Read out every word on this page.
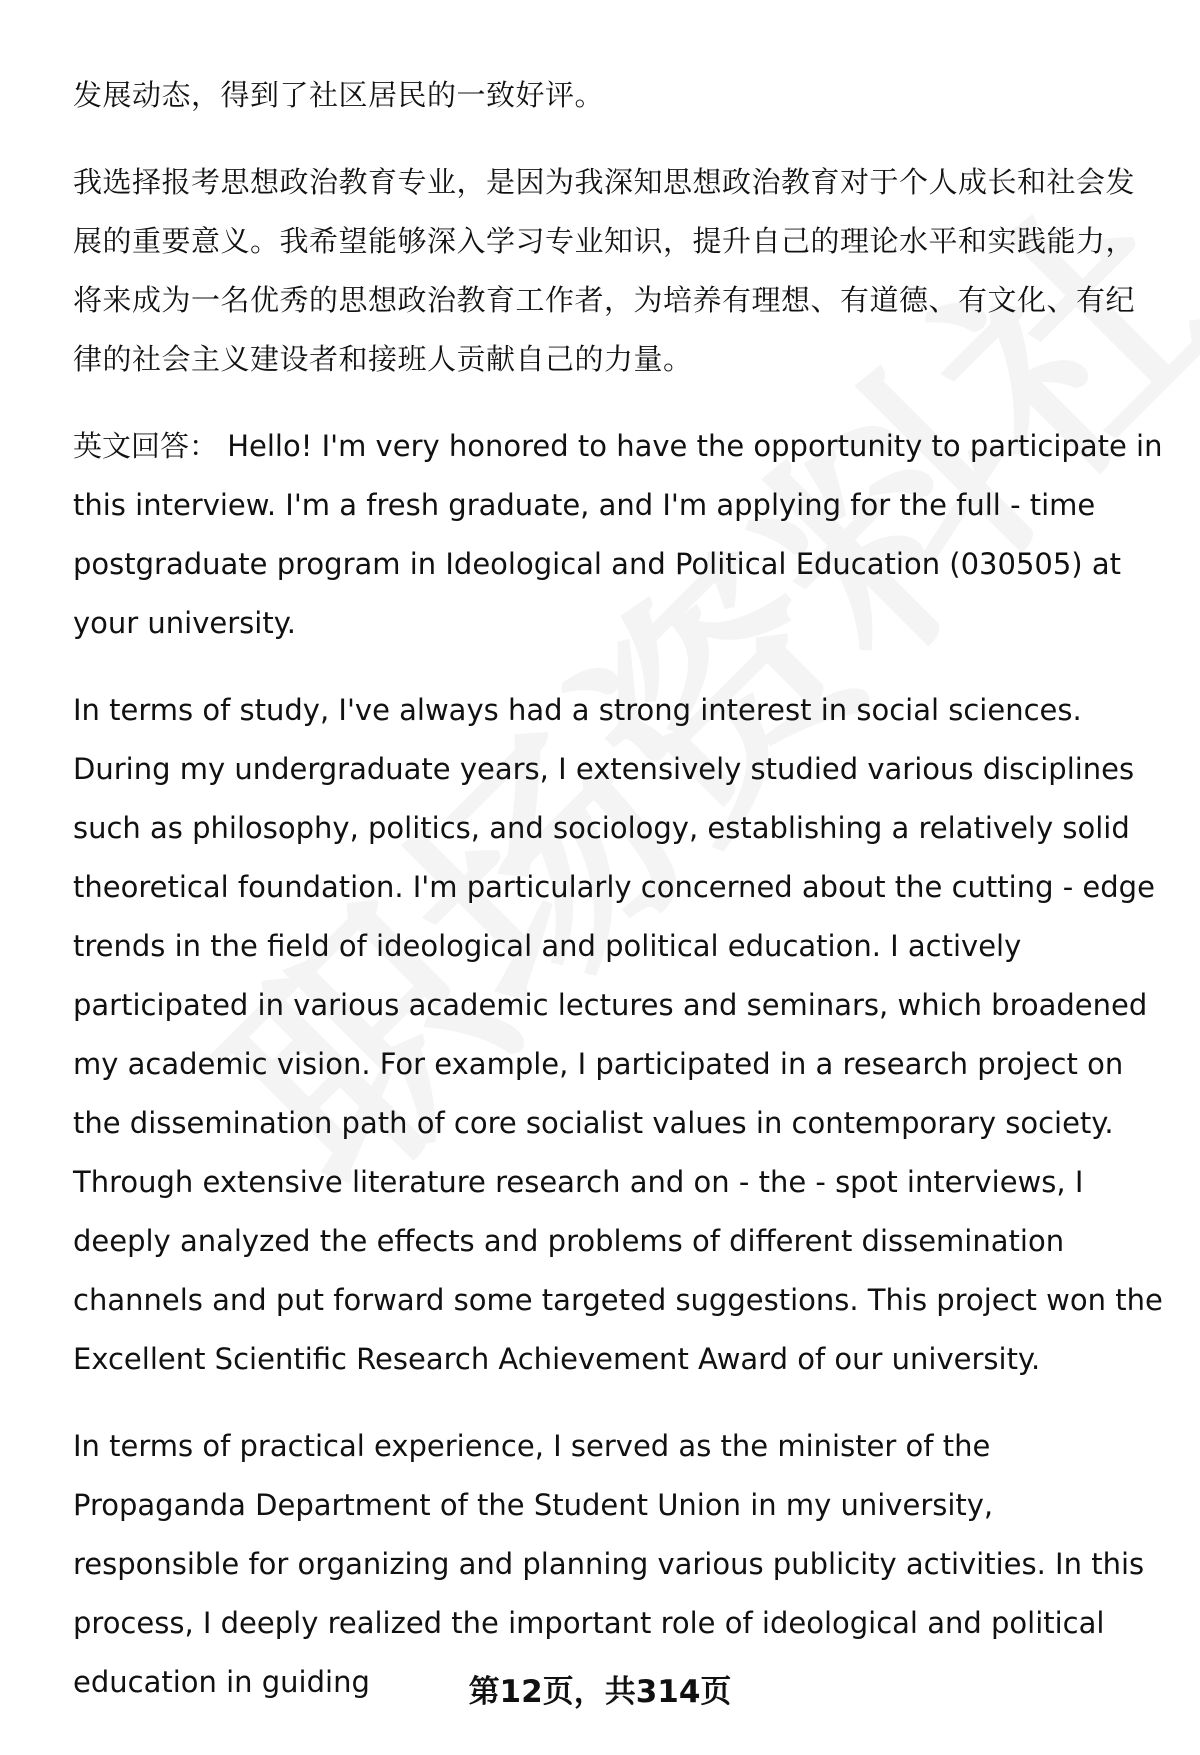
发展动态，得到了社区居民的一致好评。

我选择报考思想政治教育专业，是因为我深知思想政治教育对于个人成长和社会发展的重要意义。我希望能够深入学习专业知识，提升自己的理论水平和实践能力，将来成为一名优秀的思想政治教育工作者，为培养有理想、有道德、有文化、有纪律的社会主义建设者和接班人贡献自己的力量。

英文回答： Hello! I'm very honored to have the opportunity to participate in this interview. I'm a fresh graduate, and I'm applying for the full - time postgraduate program in Ideological and Political Education (030505) at your university.

In terms of study, I've always had a strong interest in social sciences. During my undergraduate years, I extensively studied various disciplines such as philosophy, politics, and sociology, establishing a relatively solid theoretical foundation. I'm particularly concerned about the cutting - edge trends in the field of ideological and political education. I actively participated in various academic lectures and seminars, which broadened my academic vision. For example, I participated in a research project on the dissemination path of core socialist values in contemporary society. Through extensive literature research and on - the - spot interviews, I deeply analyzed the effects and problems of different dissemination channels and put forward some targeted suggestions. This project won the Excellent Scientific Research Achievement Award of our university.

In terms of practical experience, I served as the minister of the Propaganda Department of the Student Union in my university, responsible for organizing and planning various publicity activities. In this process, I deeply realized the important role of ideological and political education in guiding	第12页，共314页
